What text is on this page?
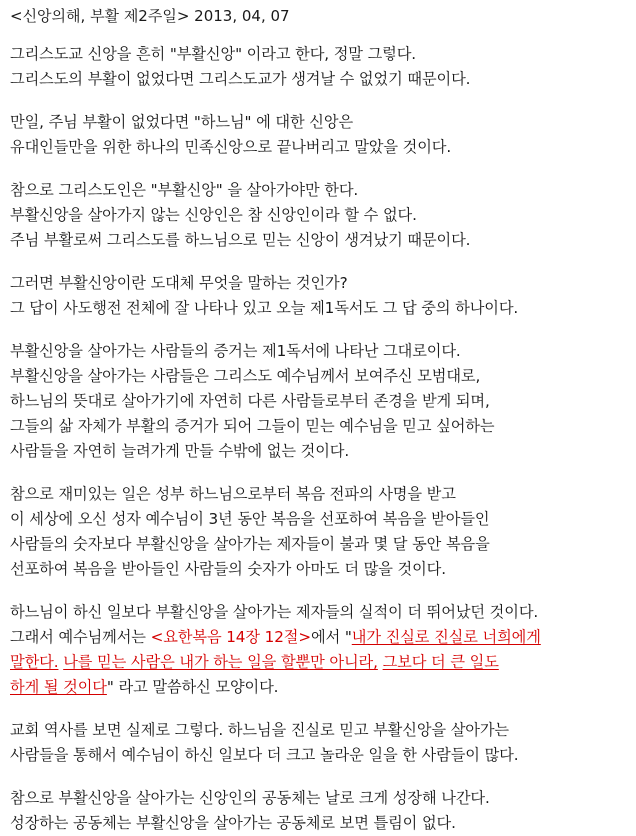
<신앙의해, 부활 제2주일> 2013, 04, 07
그리스도교 신앙을 흔히 "부활신앙" 이라고 한다, 정말 그렇다.
그리스도의 부활이 없었다면 그리스도교가 생겨날 수 없었기 때문이다.
만일, 주님 부활이 없었다면 "하느님" 에 대한 신앙은
유대인들만을 위한 하나의 민족신앙으로 끝나버리고 말았을 것이다.
참으로 그리스도인은 "부활신앙" 을 살아가야만 한다.
부활신앙을 살아가지 않는 신앙인은 참 신앙인이라 할 수 없다.
주님 부활로써 그리스도를 하느님으로 믿는 신앙이 생겨났기 때문이다.
그러면 부활신앙이란 도대체 무엇을 말하는 것인가?
그 답이 사도행전 전체에 잘 나타나 있고 오늘 제1독서도 그 답 중의 하나이다.
부활신앙을 살아가는 사람들의 증거는 제1독서에 나타난 그대로이다.
부활신앙을 살아가는 사람들은 그리스도 예수님께서 보여주신 모범대로,
하느님의 뜻대로 살아가기에 자연히 다른 사람들로부터 존경을 받게 되며,
그들의 삶 자체가 부활의 증거가 되어 그들이 믿는 예수님을 믿고 싶어하는
사람들을 자연히 늘려가게 만들 수밖에 없는 것이다.
참으로 재미있는 일은 성부 하느님으로부터 복음 전파의 사명을 받고
이 세상에 오신 성자 예수님이 3년 동안 복음을 선포하여 복음을 받아들인
사람들의 숫자보다 부활신앙을 살아가는 제자들이 불과 몇 달 동안 복음을
선포하여 복음을 받아들인 사람들의 숫자가 아마도 더 많을 것이다.
하느님이 하신 일보다 부활신앙을 살아가는 제자들의 실적이 더 뛰어났던 것이다.
그래서 예수님께서는 <요한복음 14장 12절>에서 "내가 진실로 진실로 너희에게
말한다. 나를 믿는 사람은 내가 하는 일을 할뿐만 아니라, 그보다 더 큰 일도
하게 될 것이다" 라고 말씀하신 모양이다.
교회 역사를 보면 실제로 그렇다. 하느님을 진실로 믿고 부활신앙을 살아가는
사람들을 통해서 예수님이 하신 일보다 더 크고 놀라운 일을 한 사람들이 많다.
참으로 부활신앙을 살아가는 신앙인의 공동체는 날로 크게 성장해 나간다.
성장하는 공동체는 부활신앙을 살아가는 공동체로 보면 틀림이 없다.
